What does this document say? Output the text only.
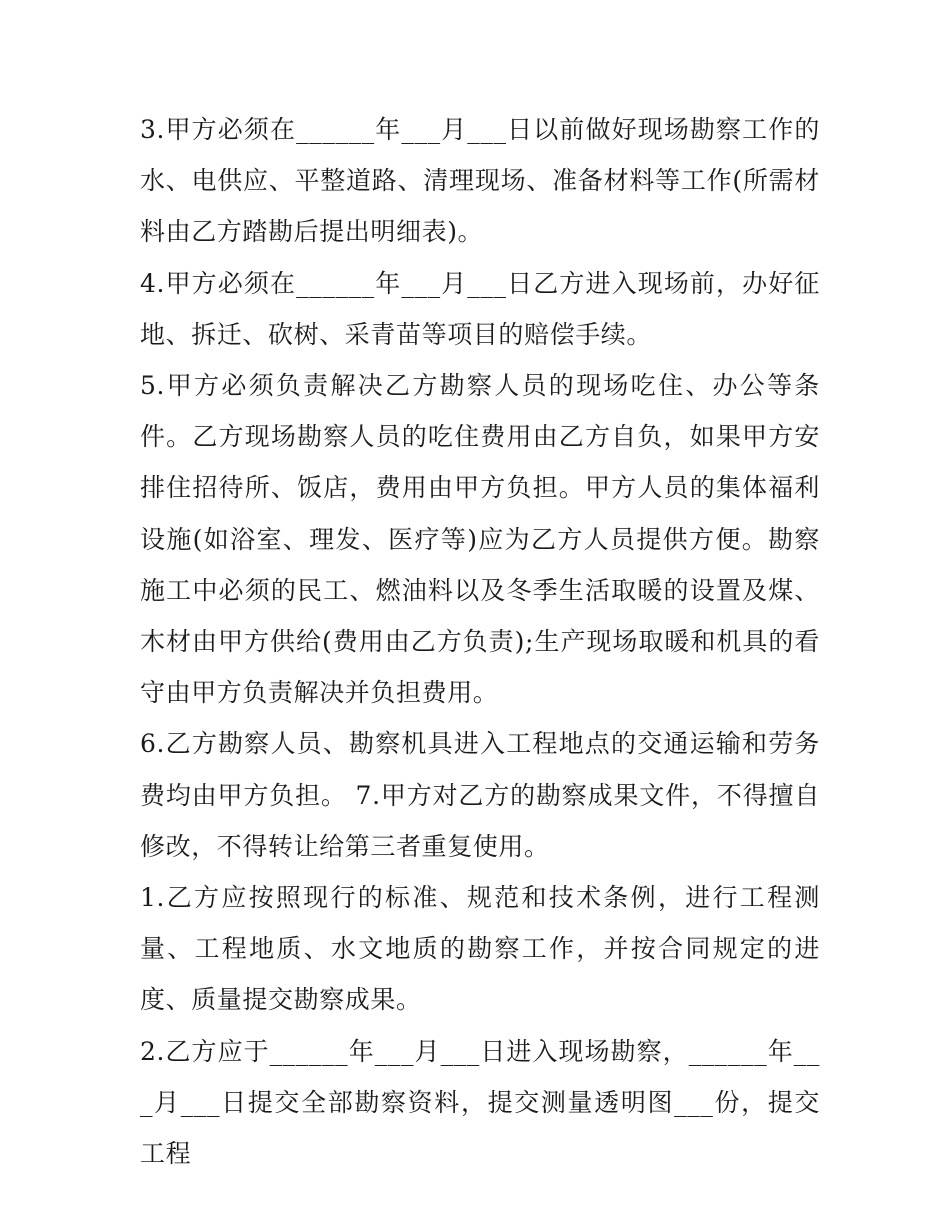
3.甲方必须在______年___月___日以前做好现场勘察工作的水、电供应、平整道路、清理现场、准备材料等工作(所需材料由乙方踏勘后提出明细表)。

4.甲方必须在______年___月___日乙方进入现场前，办好征地、拆迁、砍树、采青苗等项目的赔偿手续。

5.甲方必须负责解决乙方勘察人员的现场吃住、办公等条件。乙方现场勘察人员的吃住费用由乙方自负，如果甲方安排住招待所、饭店，费用由甲方负担。甲方人员的集体福利设施(如浴室、理发、医疗等)应为乙方人员提供方便。勘察施工中必须的民工、燃油料以及冬季生活取暖的设置及煤、木材由甲方供给(费用由乙方负责);生产现场取暖和机具的看守由甲方负责解决并负担费用。

6.乙方勘察人员、勘察机具进入工程地点的交通运输和劳务费均由甲方负担。 7.甲方对乙方的勘察成果文件，不得擅自修改，不得转让给第三者重复使用。

1.乙方应按照现行的标准、规范和技术条例，进行工程测量、工程地质、水文地质的勘察工作，并按合同规定的进度、质量提交勘察成果。

2.乙方应于______年___月___日进入现场勘察，______年___月___日提交全部勘察资料，提交测量透明图___份，提交工程
